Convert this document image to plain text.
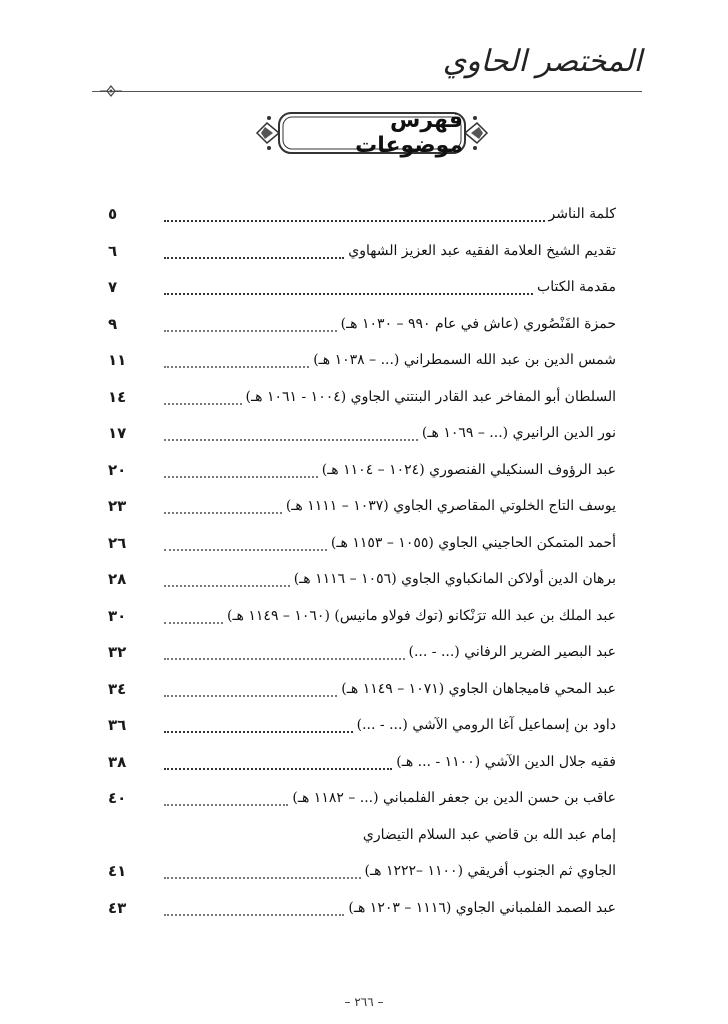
المختصر الحاوي
فهرس موضوعات
٥	كلمة الناشر
٦	تقديم الشيخ العلامة الفقيه عبد العزيز الشهاوي
٧	مقدمة الكتاب
٩	حمزة الفَنْصُوري (عاش في عام ٩٩٠ – ١٠٣٠ هـ)
١١	شمس الدين بن عبد الله السمطراني (... – ١٠٣٨ هـ)
١٤	السلطان أبو المفاخر عبد القادر البنتني الجاوي (١٠٠٤ - ١٠٦١ هـ)
١٧	نور الدين الرانيري (... – ١٠٦٩ هـ)
٢٠	عبد الرؤوف السنكيلي الفنصوري (١٠٢٤ – ١١٠٤ هـ)
٢٣	يوسف التاج الخلوتي المقاصري الجاوي (١٠٣٧ – ١١١١ هـ)
٢٦	أحمد المتمكن الحاجيني الجاوي (١٠٥٥ – ١١٥٣ هـ)
٢٨	برهان الدين أولاكن المانكباوي الجاوي (١٠٥٦ – ١١١٦ هـ)
٣٠	عبد الملك بن عبد الله ترَنْكانو (توك فولاو مانيس) (١٠٦٠ – ١١٤٩ هـ)
٣٢	عبد البصير الضرير الرفاني (... - ...)
٣٤	عبد المحي فاميجاهان الجاوي (١٠٧١ – ١١٤٩ هـ)
٣٦	داود بن إسماعيل آغا الرومي الآشي (... - ...)
٣٨	فقيه جلال الدين الآشي (١١٠٠ - ... هـ)
٤٠	عاقب بن حسن الدين بن جعفر الفلمباني (... – ١١٨٢ هـ)
إمام عبد الله بن قاضي عبد السلام التيضاري
٤١	الجاوي ثم الجنوب أفريقي (١١٠٠ –١٢٢٢ هـ)
٤٣	عبد الصمد الفلمباني الجاوي (١١١٦ – ١٢٠٣ هـ)
– ٢٦٦ –
